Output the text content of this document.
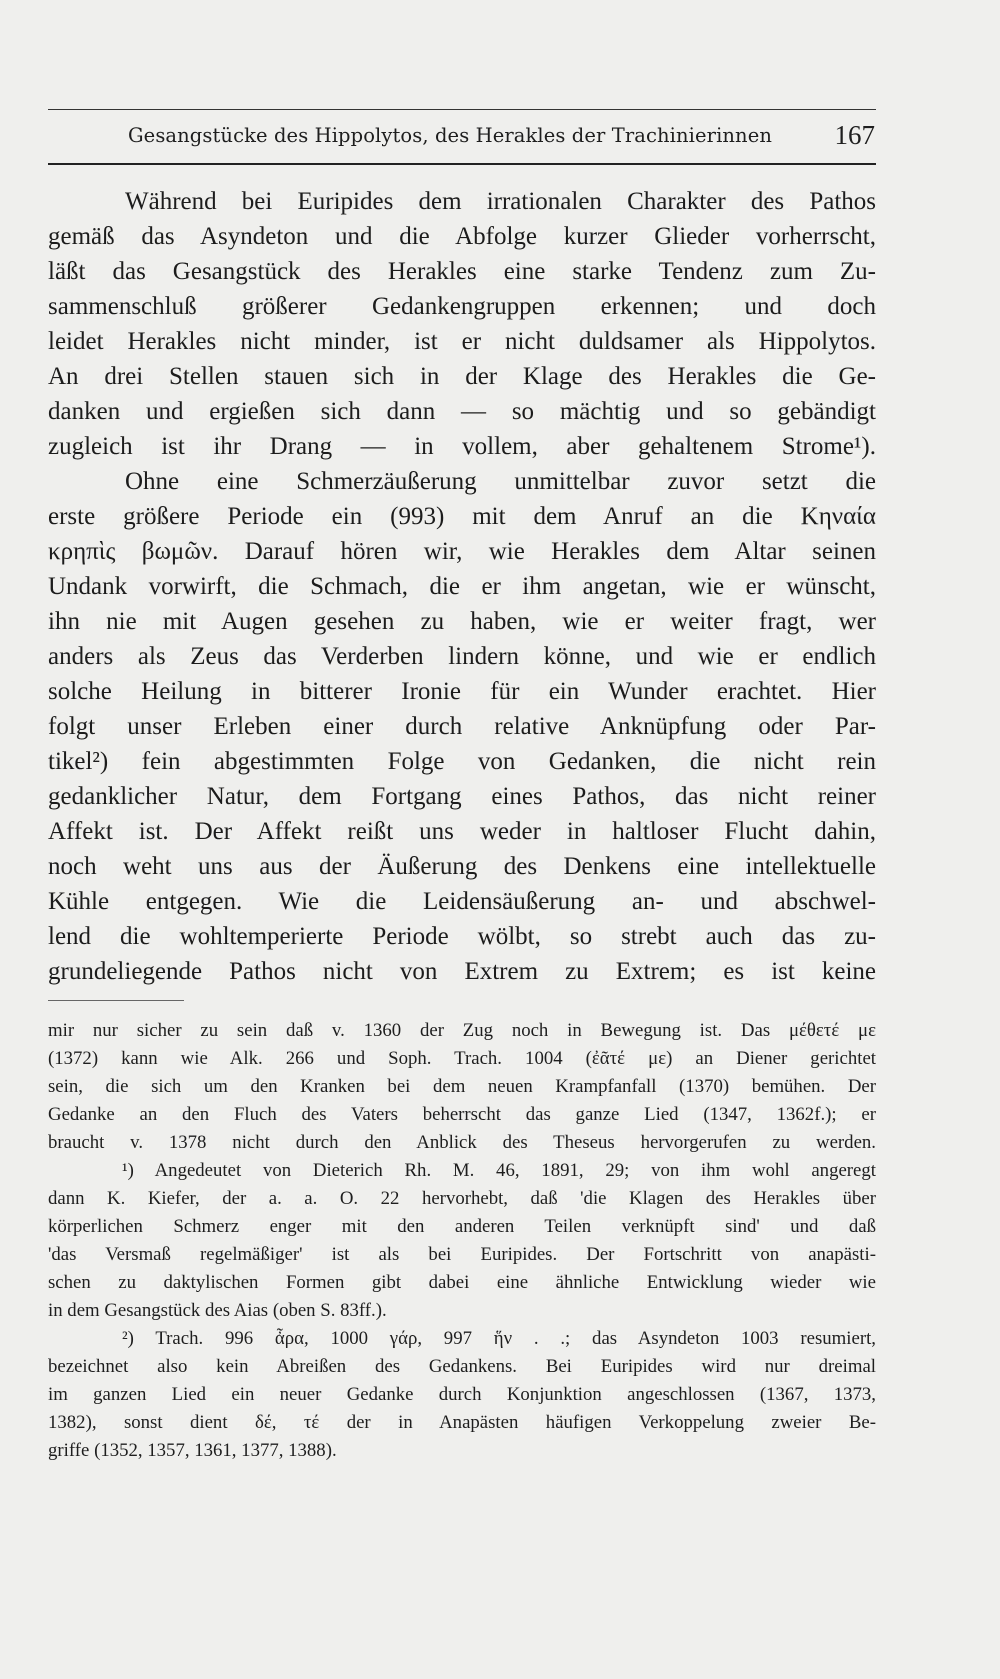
Gesangstücke des Hippolytos, des Herakles der Trachinierinnen 167
Während bei Euripides dem irrationalen Charakter des Pathos
gemäß das Asyndeton und die Abfolge kurzer Glieder vorherrscht,
läßt das Gesangstück des Herakles eine starke Tendenz zum Zu-
sammenschluß größerer Gedankengruppen erkennen; und doch
leidet Herakles nicht minder, ist er nicht duldsamer als Hippolytos.
An drei Stellen stauen sich in der Klage des Herakles die Ge-
danken und ergießen sich dann — so mächtig und so gebändigt
zugleich ist ihr Drang — in vollem, aber gehaltenem Strome¹).
Ohne eine Schmerzäußerung unmittelbar zuvor setzt die
erste größere Periode ein (993) mit dem Anruf an die Κηναία
κρηπὶς βωμῶν. Darauf hören wir, wie Herakles dem Altar seinen
Undank vorwirft, die Schmach, die er ihm angetan, wie er wünscht,
ihn nie mit Augen gesehen zu haben, wie er weiter fragt, wer
anders als Zeus das Verderben lindern könne, und wie er endlich
solche Heilung in bitterer Ironie für ein Wunder erachtet. Hier
folgt unser Erleben einer durch relative Anknüpfung oder Par-
tikel²) fein abgestimmten Folge von Gedanken, die nicht rein
gedanklicher Natur, dem Fortgang eines Pathos, das nicht reiner
Affekt ist. Der Affekt reißt uns weder in haltloser Flucht dahin,
noch weht uns aus der Äußerung des Denkens eine intellektuelle
Kühle entgegen. Wie die Leidensäußerung an- und abschwel-
lend die wohltemperierte Periode wölbt, so strebt auch das zu-
grundeliegende Pathos nicht von Extrem zu Extrem; es ist keine
mir nur sicher zu sein daß v. 1360 der Zug noch in Bewegung ist. Das μέθετέ με
(1372) kann wie Alk. 266 und Soph. Trach. 1004 (ἐᾶτέ με) an Diener gerichtet
sein, die sich um den Kranken bei dem neuen Krampfanfall (1370) bemühen. Der
Gedanke an den Fluch des Vaters beherrscht das ganze Lied (1347, 1362f.); er
braucht v. 1378 nicht durch den Anblick des Theseus hervorgerufen zu werden.
¹) Angedeutet von Dieterich Rh. M. 46, 1891, 29; von ihm wohl angeregt
dann K. Kiefer, der a. a. O. 22 hervorhebt, daß 'die Klagen des Herakles über
körperlichen Schmerz enger mit den anderen Teilen verknüpft sind' und daß
'das Versmaß regelmäßiger' ist als bei Euripides. Der Fortschritt von anapästi-
schen zu daktylischen Formen gibt dabei eine ähnliche Entwicklung wieder wie
in dem Gesangstück des Aias (oben S. 83ff.).
²) Trach. 996 ἆρα, 1000 γάρ, 997 ἥν . .; das Asyndeton 1003 resumiert,
bezeichnet also kein Abreißen des Gedankens. Bei Euripides wird nur dreimal
im ganzen Lied ein neuer Gedanke durch Konjunktion angeschlossen (1367, 1373,
1382), sonst dient δέ, τέ der in Anapästen häufigen Verkoppelung zweier Be-
griffe (1352, 1357, 1361, 1377, 1388).
